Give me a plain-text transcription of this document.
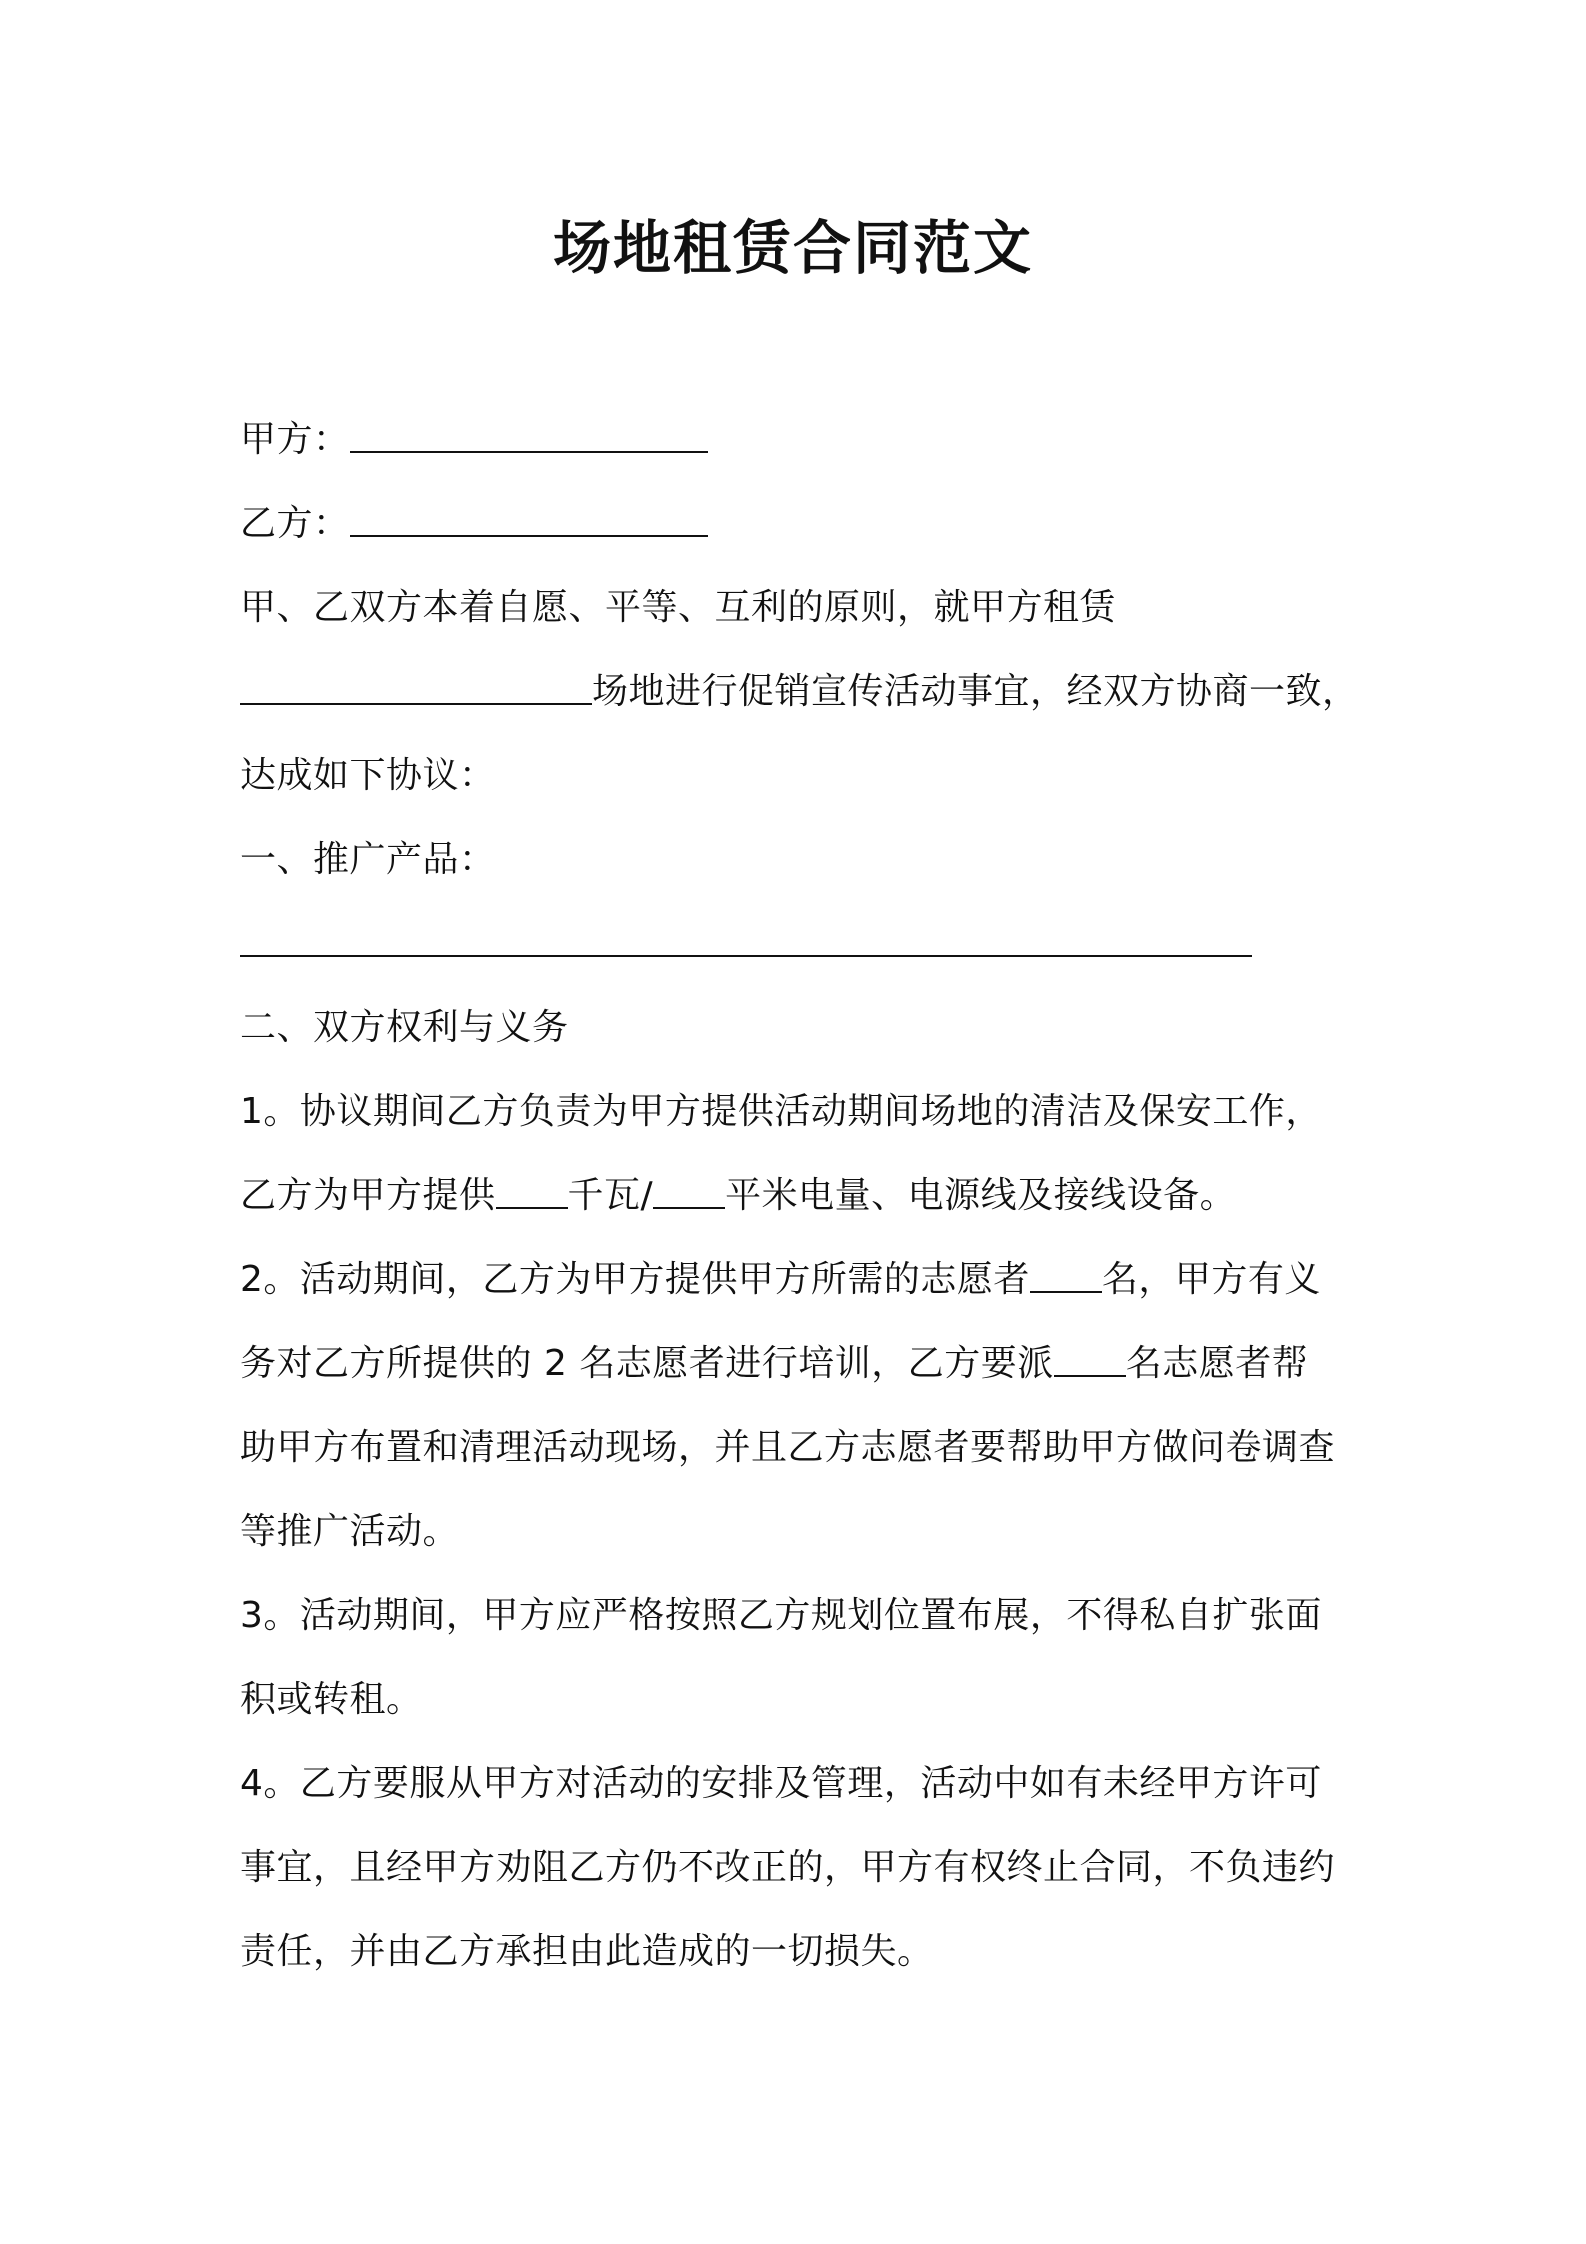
场地租赁合同范文
甲方：
乙方：
甲、乙双方本着自愿、平等、互利的原则，就甲方租赁
场地进行促销宣传活动事宜，经双方协商一致，
达成如下协议：
一、推广产品：
二、双方权利与义务
1。协议期间乙方负责为甲方提供活动期间场地的清洁及保安工作，
乙方为甲方提供 千瓦/ 平米电量、电源线及接线设备。
2。活动期间，乙方为甲方提供甲方所需的志愿者 名，甲方有义
务对乙方所提供的 2 名志愿者进行培训，乙方要派 名志愿者帮
助甲方布置和清理活动现场，并且乙方志愿者要帮助甲方做问卷调查
等推广活动。
3。活动期间，甲方应严格按照乙方规划位置布展，不得私自扩张面
积或转租。
4。乙方要服从甲方对活动的安排及管理，活动中如有未经甲方许可
事宜，且经甲方劝阻乙方仍不改正的，甲方有权终止合同，不负违约
责任，并由乙方承担由此造成的一切损失。
